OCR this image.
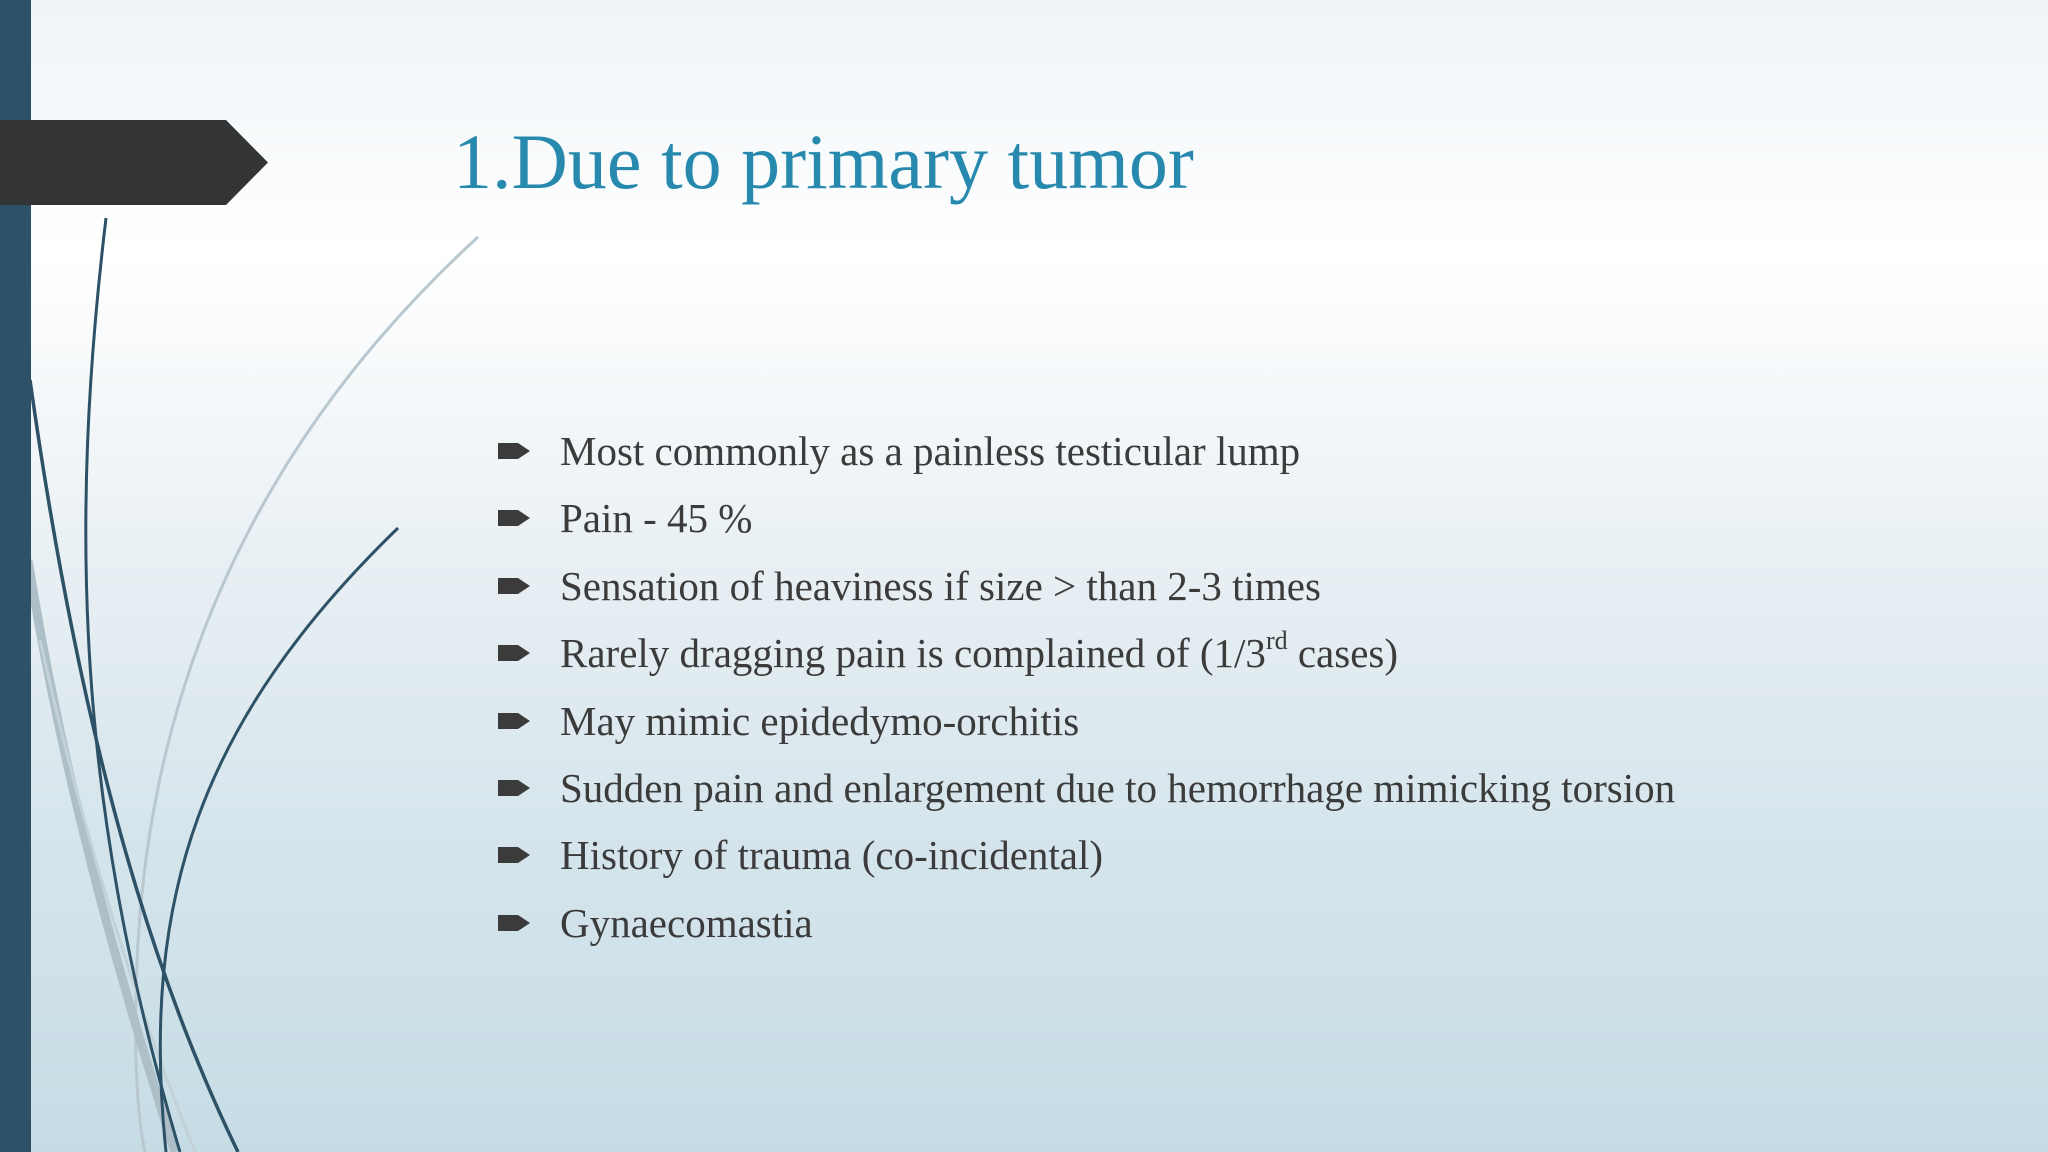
1.Due to primary tumor
Most commonly as a painless testicular lump
Pain - 45 %
Sensation of heaviness if size > than 2-3 times
Rarely dragging pain is complained of (1/3rd cases)
May mimic epidedymo-orchitis
Sudden pain and enlargement due to hemorrhage mimicking torsion
History of trauma (co-incidental)
Gynaecomastia
